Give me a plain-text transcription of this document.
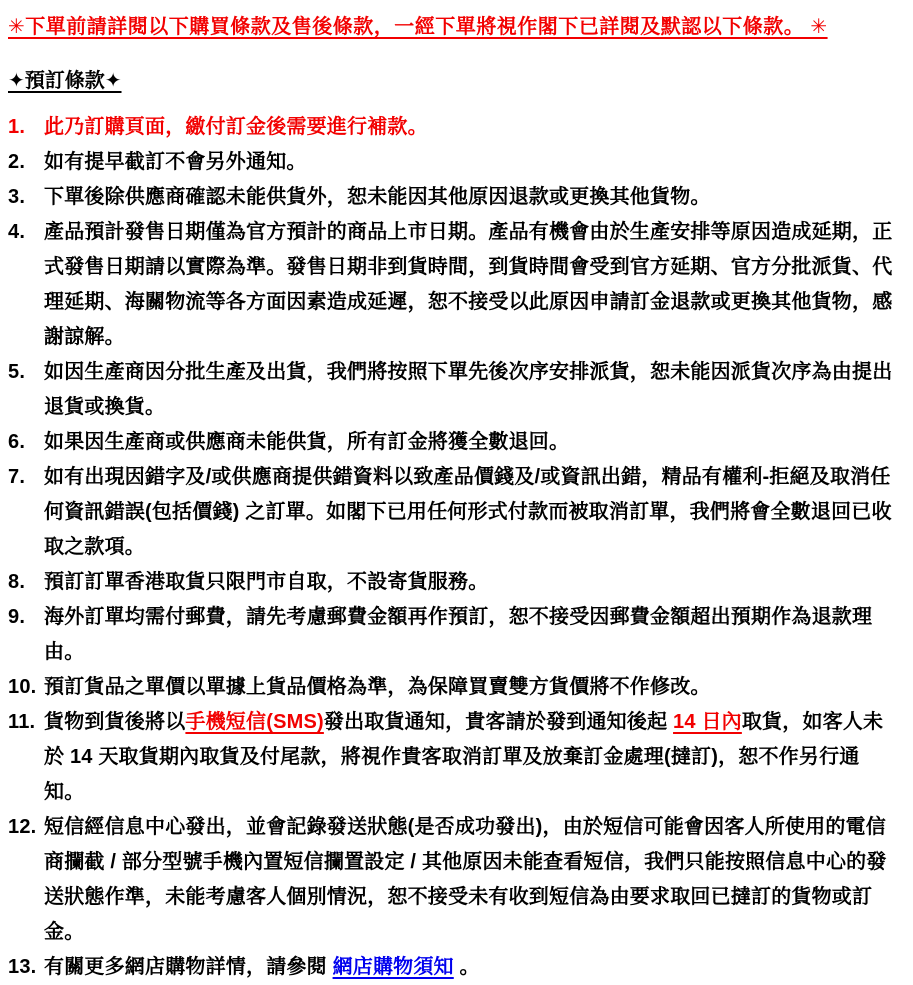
✳下單前請詳閱以下購買條款及售後條款，一經下單將視作閣下已詳閱及默認以下條款。 ✳
✦預訂條款✦
1. 此乃訂購頁面，繳付訂金後需要進行補款。
2. 如有提早截訂不會另外通知。
3. 下單後除供應商確認未能供貨外，恕未能因其他原因退款或更換其他貨物。
4. 產品預計發售日期僅為官方預計的商品上市日期。產品有機會由於生產安排等原因造成延期，正式發售日期請以實際為準。發售日期非到貨時間，到貨時間會受到官方延期、官方分批派貨、代理延期、海關物流等各方面因素造成延遲，恕不接受以此原因申請訂金退款或更換其他貨物，感謝諒解。
5. 如因生產商因分批生產及出貨，我們將按照下單先後次序安排派貨，恕未能因派貨次序為由提出退貨或換貨。
6. 如果因生產商或供應商未能供貨，所有訂金將獲全數退回。
7. 如有出現因錯字及/或供應商提供錯資料以致產品價錢及/或資訊出錯，精品有權利-拒絕及取消任何資訊錯誤(包括價錢) 之訂單。如閣下已用任何形式付款而被取消訂單，我們將會全數退回已收取之款項。
8. 預訂訂單香港取貨只限門市自取，不設寄貨服務。
9. 海外訂單均需付郵費，請先考慮郵費金額再作預訂，恕不接受因郵費金額超出預期作為退款理由。
10. 預訂貨品之單價以單據上貨品價格為準，為保障買賣雙方貨價將不作修改。
11. 貨物到貨後將以手機短信(SMS)發出取貨通知，貴客請於發到通知後起 14 日內取貨，如客人未於 14 天取貨期內取貨及付尾款，將視作貴客取消訂單及放棄訂金處理(撻訂)，恕不作另行通知。
12. 短信經信息中心發出，並會記錄發送狀態(是否成功發出)，由於短信可能會因客人所使用的電信商攔截 / 部分型號手機內置短信攔置設定 / 其他原因未能查看短信，我們只能按照信息中心的發送狀態作準，未能考慮客人個別情況，恕不接受未有收到短信為由要求取回已撻訂的貨物或訂金。
13. 有關更多網店購物詳情，請參閱 網店購物須知 。
